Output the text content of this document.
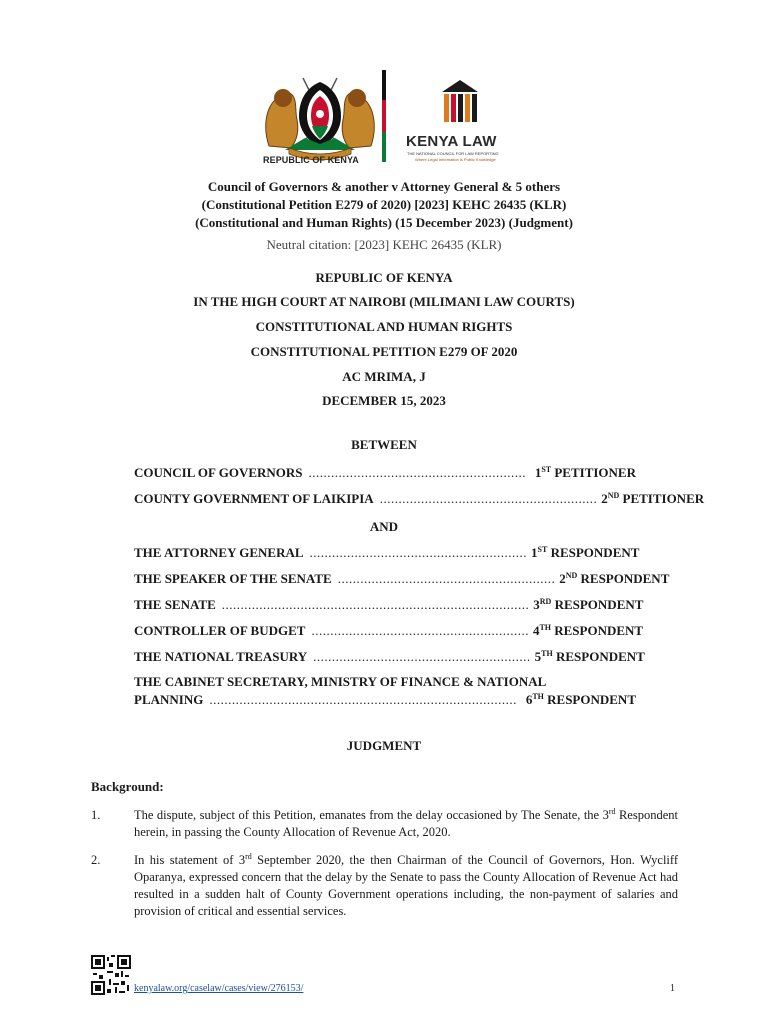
REPUBLIC OF KENYA
KENYA LAW
THE NATIONAL COUNCIL FOR LAW REPORTING
Where Legal Information is Public Knowledge
Council of Governors & another v Attorney General & 5 others
(Constitutional Petition E279 of 2020) [2023] KEHC 26435 (KLR)
(Constitutional and Human Rights) (15 December 2023) (Judgment)
Neutral citation: [2023] KEHC 26435 (KLR)
REPUBLIC OF KENYA
IN THE HIGH COURT AT NAIROBI (MILIMANI LAW COURTS)
CONSTITUTIONAL AND HUMAN RIGHTS
CONSTITUTIONAL PETITION E279 OF 2020
AC MRIMA, J
DECEMBER 15, 2023
BETWEEN
COUNCIL OF GOVERNORS .......................................................... 1ST PETITIONER
COUNTY GOVERNMENT OF LAIKIPIA .......................................................... 2ND PETITIONER
AND
THE ATTORNEY GENERAL .......................................................... 1ST RESPONDENT
THE SPEAKER OF THE SENATE .......................................................... 2ND RESPONDENT
THE SENATE .................................................................................. 3RD RESPONDENT
CONTROLLER OF BUDGET .......................................................... 4TH RESPONDENT
THE NATIONAL TREASURY .......................................................... 5TH RESPONDENT
THE CABINET SECRETARY, MINISTRY OF FINANCE & NATIONAL
PLANNING .................................................................................. 6TH RESPONDENT
JUDGMENT
Background:
1.	The dispute, subject of this Petition, emanates from the delay occasioned by The Senate, the 3rd Respondent herein, in passing the County Allocation of Revenue Act, 2020.
2.	In his statement of 3rd September 2020, the then Chairman of the Council of Governors, Hon. Wycliff Oparanya, expressed concern that the delay by the Senate to pass the County Allocation of Revenue Act had resulted in a sudden halt of County Government operations including, the non-payment of salaries and provision of critical and essential services.
kenyalaw.org/caselaw/cases/view/276153/	1
